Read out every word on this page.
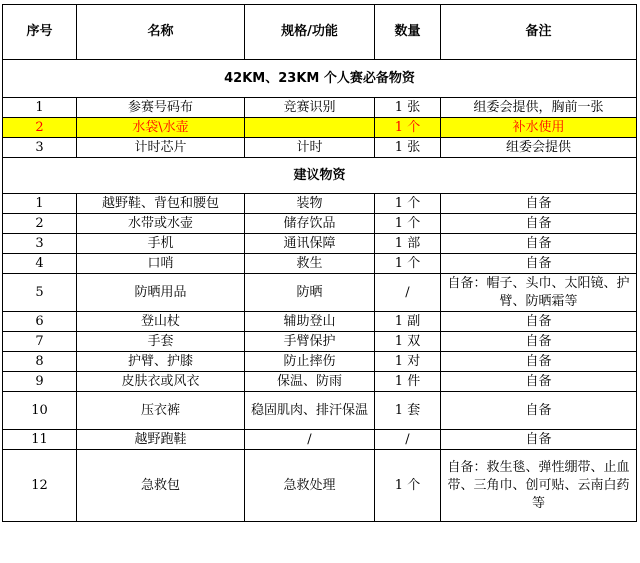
序号	名称	规格/功能	数量	备注
42KM、23KM 个人赛必备物资				
1	参赛号码布	竞赛识别	1 张	组委会提供，胸前一张
2	水袋\水壶		1 个	补水使用
3	计时芯片	计时	1 张	组委会提供
建议物资				
1	越野鞋、背包和腰包	装物	1 个	自备
2	水带或水壶	储存饮品	1 个	自备
3	手机	通讯保障	1 部	自备
4	口哨	救生	1 个	自备
5	防晒用品	防晒	/	自备：帽子、头巾、太阳镜、护臂、防晒霜等
6	登山杖	辅助登山	1 副	自备
7	手套	手臂保护	1 双	自备
8	护臂、护膝	防止摔伤	1 对	自备
9	皮肤衣或风衣	保温、防雨	1 件	自备
10	压衣裤	稳固肌肉、排汗保温	1 套	自备
11	越野跑鞋	/	/	自备
12	急救包	急救处理	1 个	自备：救生毯、弹性绷带、止血带、三角巾、创可贴、云南白药等
